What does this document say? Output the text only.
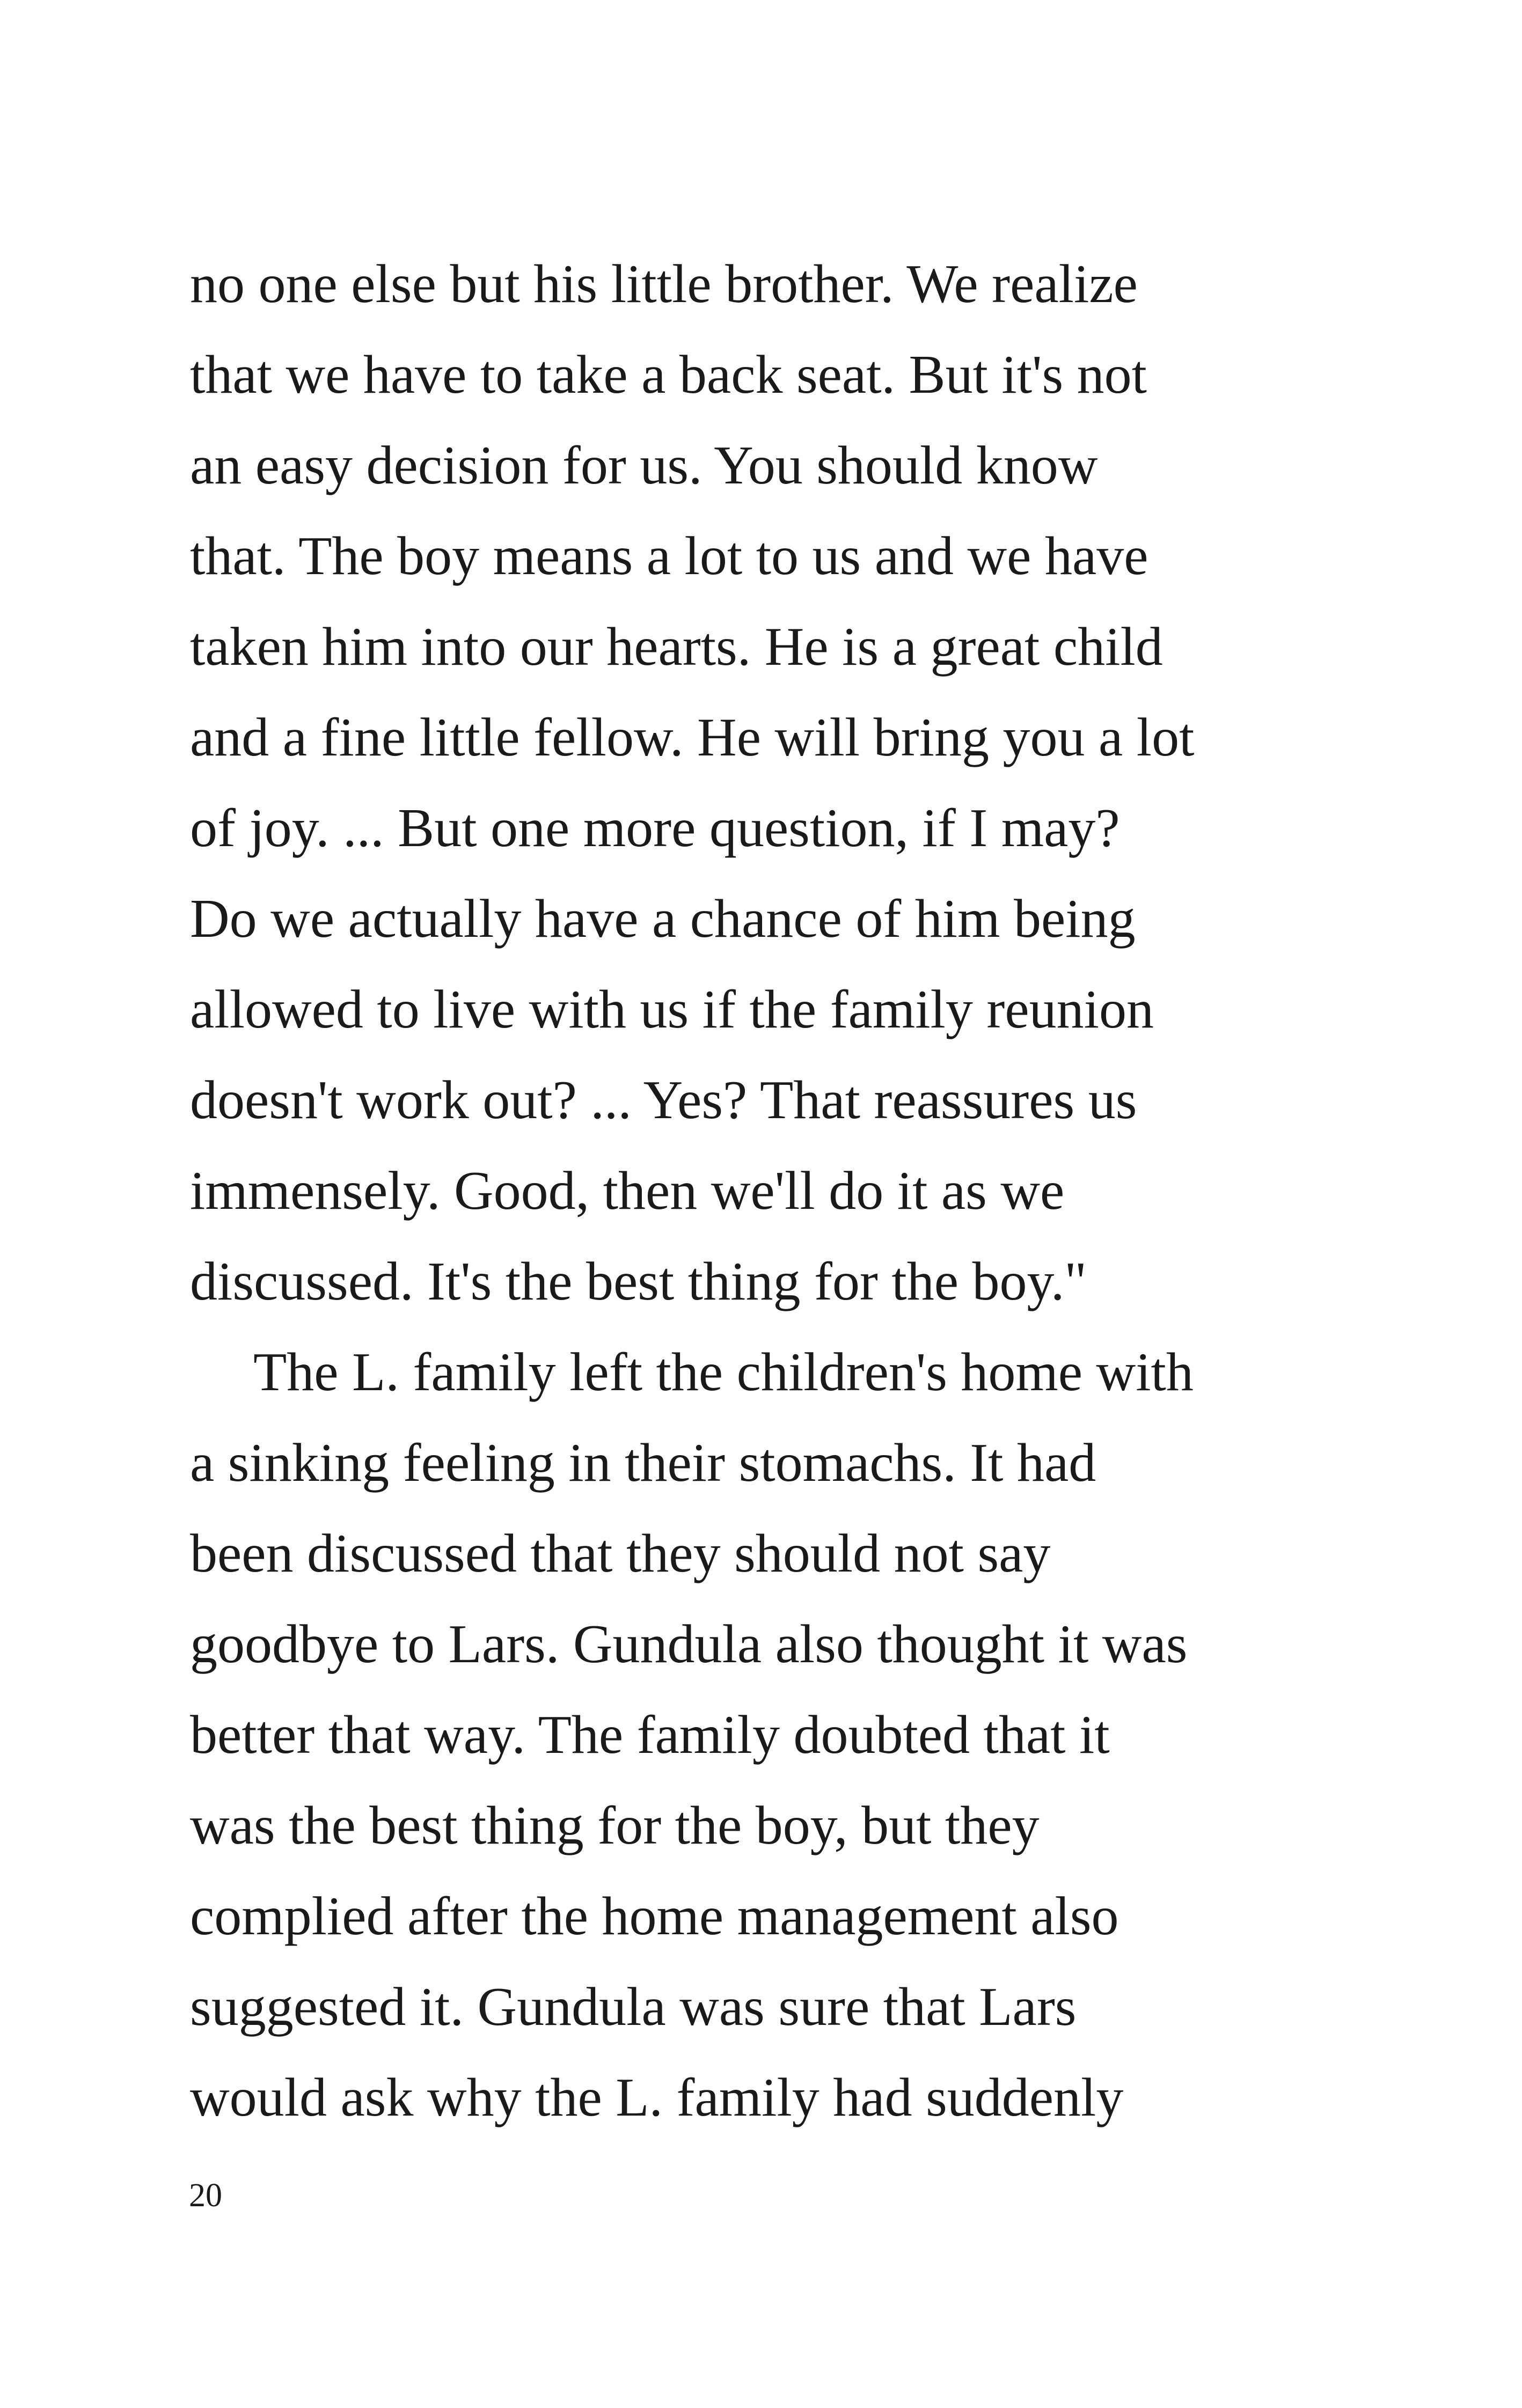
no one else but his little brother. We realize
that we have to take a back seat. But it's not
an easy decision for us. You should know
that. The boy means a lot to us and we have
taken him into our hearts. He is a great child
and a fine little fellow. He will bring you a lot
of joy. ... But one more question, if I may?
Do we actually have a chance of him being
allowed to live with us if the family reunion
doesn't work out? ... Yes? That reassures us
immensely. Good, then we'll do it as we
discussed. It's the best thing for the boy."
The L. family left the children's home with
a sinking feeling in their stomachs. It had
been discussed that they should not say
goodbye to Lars. Gundula also thought it was
better that way. The family doubted that it
was the best thing for the boy, but they
complied after the home management also
suggested it. Gundula was sure that Lars
would ask why the L. family had suddenly
20
